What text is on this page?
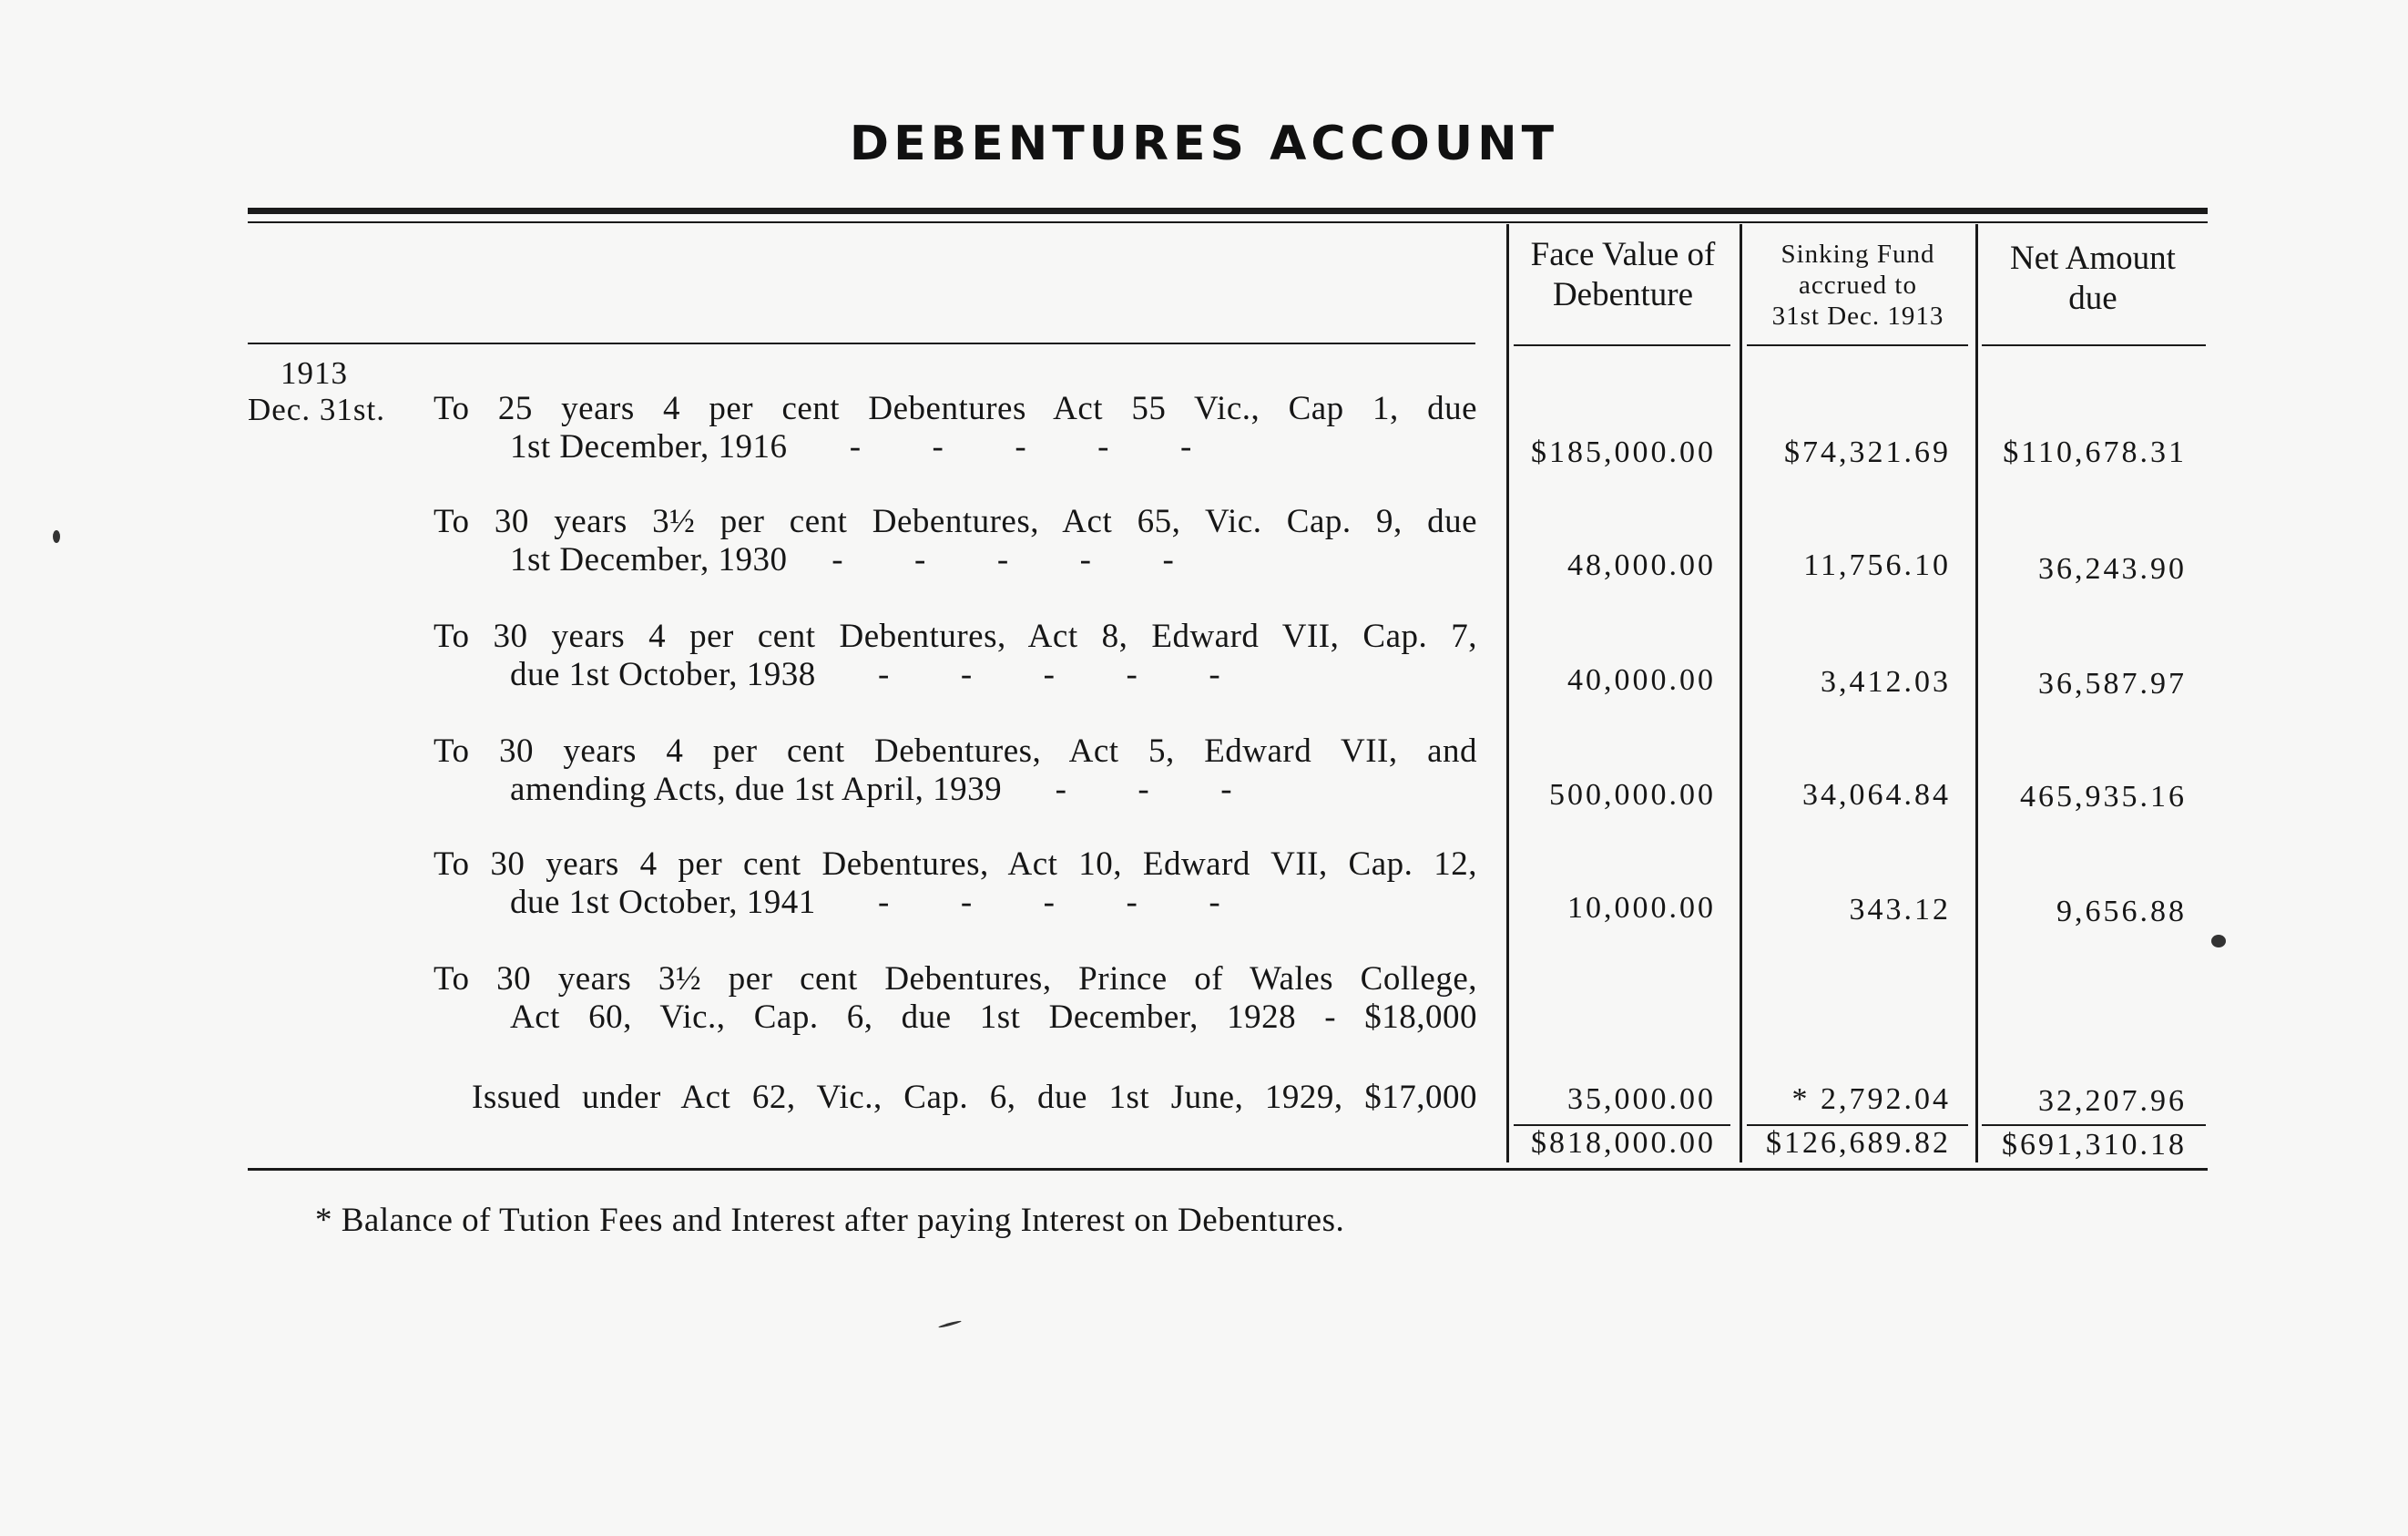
DEBENTURES ACCOUNT
Face Value of Debenture
Sinking Fund
accrued to
31st Dec. 1913
Net Amount
due
1913
Dec. 31st. To 25 years 4 per cent Debentures Act 55 Vic., Cap 1, due
1st December, 1916       -        -        -        -        -	$185,000.00	$74,321.69	$110,678.31
To 30 years 3½ per cent Debentures, Act 65, Vic. Cap. 9, due
1st December, 1930     -        -        -        -        -	48,000.00	11,756.10	36,243.90
To 30 years 4 per cent Debentures, Act 8, Edward VII, Cap. 7,
due 1st October, 1938       -        -        -        -        -	40,000.00	3,412.03	36,587.97
To 30 years 4 per cent Debentures, Act 5, Edward VII, and
amending Acts, due 1st April, 1939      -        -        -	500,000.00	34,064.84	465,935.16
To 30 years 4 per cent Debentures, Act 10, Edward VII, Cap. 12,
due 1st October, 1941       -        -        -        -        -	10,000.00	343.12	9,656.88
To 30 years 3½ per cent Debentures, Prince of Wales College,
Act 60, Vic., Cap. 6, due 1st December, 1928 - $18,000
Issued under Act 62, Vic., Cap. 6, due 1st June, 1929, $17,000	35,000.00	* 2,792.04	32,207.96
$818,000.00	$126,689.82	$691,310.18
* Balance of Tution Fees and Interest after paying Interest on Debentures.
